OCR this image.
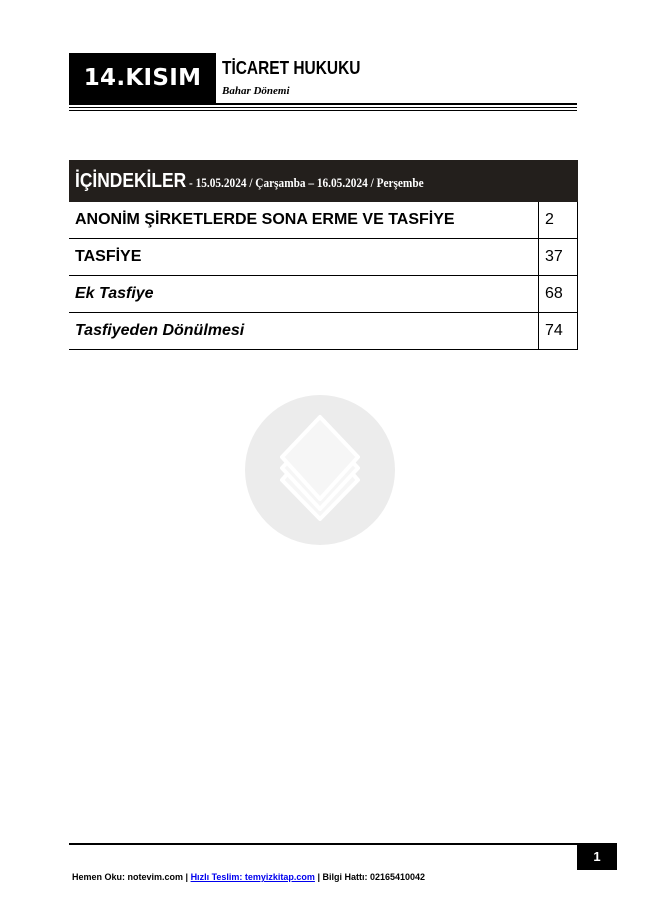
14.KISIM	TİCARET HUKUKU
Bahar Dönemi
İÇİNDEKİLER - 15.05.2024 / Çarşamba – 16.05.2024 / Perşembe	
ANONİM ŞİRKETLERDE SONA ERME VE TASFİYE	2
TASFİYE	37
Ek Tasfiye	68
Tasfiyeden Dönülmesi	74
1
Hemen Oku: notevim.com | Hızlı Teslim: temyizkitap.com | Bilgi Hattı: 02165410042
